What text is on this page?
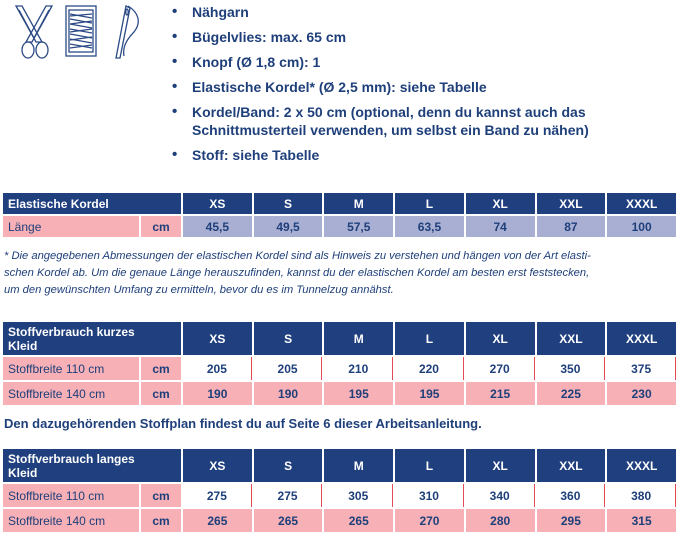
• Nähgarn
• Bügelvlies: max. 65 cm
• Knopf (Ø 1,8 cm): 1
• Elastische Kordel* (Ø 2,5 mm): siehe Tabelle
• Kordel/Band: 2 x 50 cm (optional, denn du kannst auch das Schnittmusterteil verwenden, um selbst ein Band zu nähen)
• Stoff: siehe Tabelle
Elastische Kordel		XS	S	M	L	XL	XXL	XXXL
Länge	cm	45,5	49,5	57,5	63,5	74	87	100
* Die angegebenen Abmessungen der elastischen Kordel sind als Hinweis zu verstehen und hängen von der Art elasti-
schen Kordel ab. Um die genaue Länge herauszufinden, kannst du der elastischen Kordel am besten erst feststecken,
um den gewünschten Umfang zu ermitteln, bevor du es im Tunnelzug annähst.
Stoffverbrauch kurzes
Kleid		XS	S	M	L	XL	XXL	XXXL
Stoffbreite 110 cm	cm	205	205	210	220	270	350	375
Stoffbreite 140 cm	cm	190	190	195	195	215	225	230

Den dazugehörenden Stoffplan findest du auf Seite 6 dieser Arbeitsanleitung.

Stoffverbrauch langes
Kleid		XS	S	M	L	XL	XXL	XXXL
Stoffbreite 110 cm	cm	275	275	305	310	340	360	380
Stoffbreite 140 cm	cm	265	265	265	270	280	295	315
